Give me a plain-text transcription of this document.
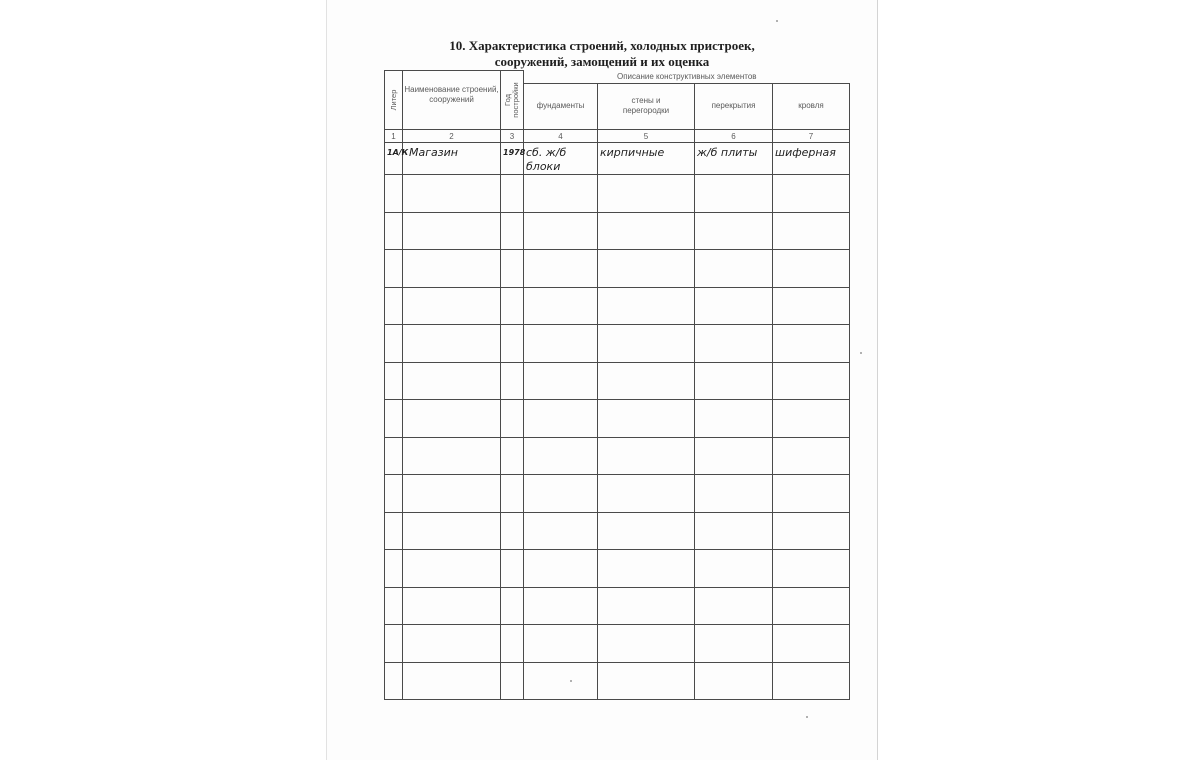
10. Характеристика строений, холодных пристроек,
сооружений, замощений и их оценка
Литер	Наименование строений, сооружений	Год постройки	Описание конструктивных элементов			
			фундаменты	стены и перегородки	перекрытия	кровля
1	2	3	4	5	6	7
1А/К	Магазин	1978	сб. ж/б блоки	кирпичные	ж/б плиты	шиферная
